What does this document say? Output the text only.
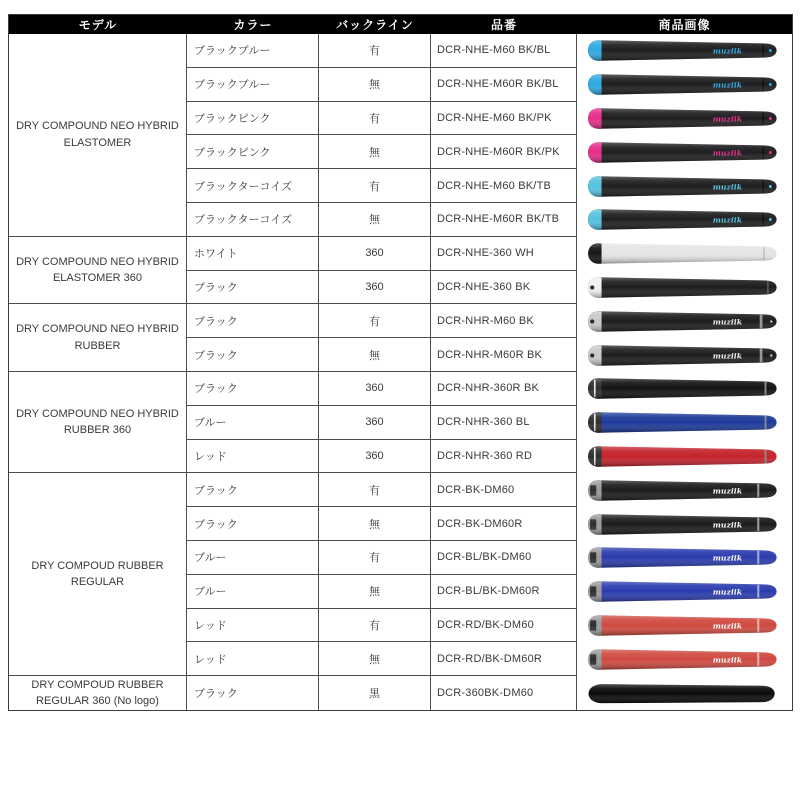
モデル	カラー	バックライン	品番	商品画像
DRY COMPOUND NEO HYBRID ELASTOMER
ブラックブルー	有	DCR-NHE-M60 BK/BL
ブラックブルー	無	DCR-NHE-M60R BK/BL
ブラックピンク	有	DCR-NHE-M60 BK/PK
ブラックピンク	無	DCR-NHE-M60R BK/PK
ブラックターコイズ	有	DCR-NHE-M60 BK/TB
ブラックターコイズ	無	DCR-NHE-M60R BK/TB
DRY COMPOUND NEO HYBRID ELASTOMER 360
ホワイト	360	DCR-NHE-360 WH
ブラック	360	DCR-NHE-360 BK
DRY COMPOUND NEO HYBRID RUBBER
ブラック	有	DCR-NHR-M60 BK
ブラック	無	DCR-NHR-M60R BK
DRY COMPOUND NEO HYBRID RUBBER 360
ブラック	360	DCR-NHR-360R BK
ブルー	360	DCR-NHR-360 BL
レッド	360	DCR-NHR-360 RD
DRY COMPOUD RUBBER REGULAR
ブラック	有	DCR-BK-DM60
ブラック	無	DCR-BK-DM60R
ブルー	有	DCR-BL/BK-DM60
ブルー	無	DCR-BL/BK-DM60R
レッド	有	DCR-RD/BK-DM60
レッド	無	DCR-RD/BK-DM60R
DRY COMPOUD RUBBER REGULAR 360 (No logo)
ブラック	黒	DCR-360BK-DM60
